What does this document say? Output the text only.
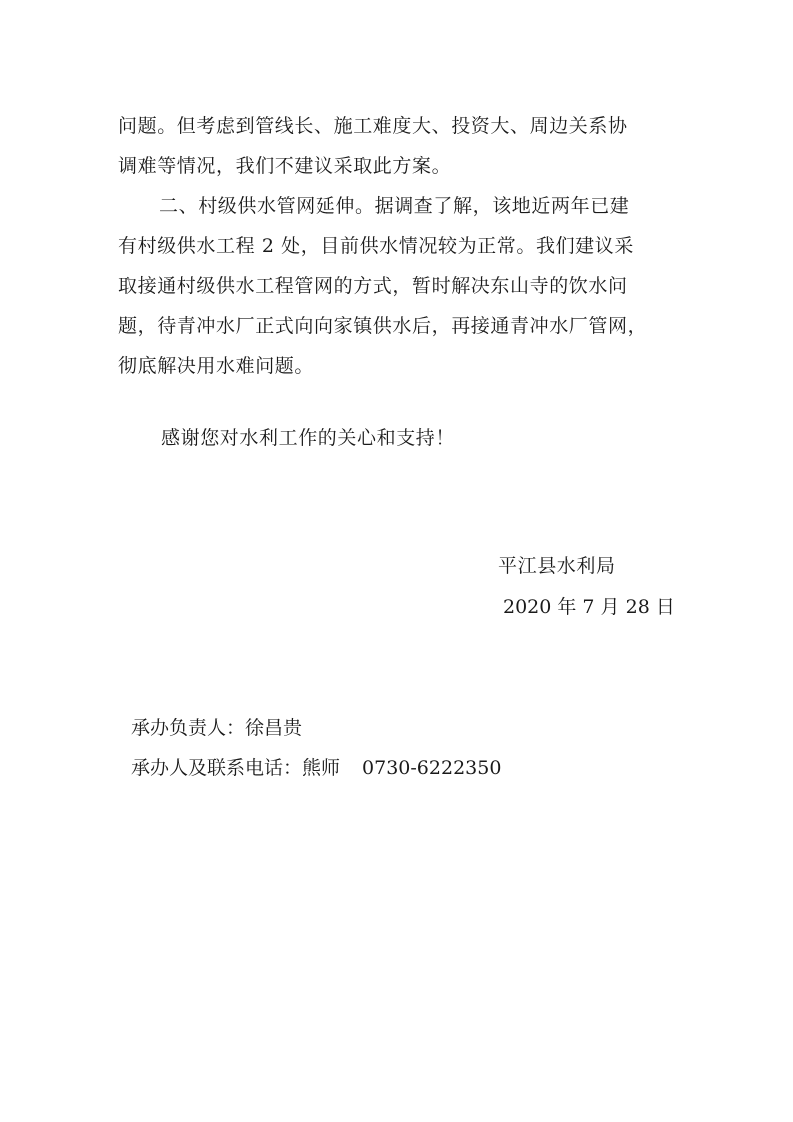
问题。但考虑到管线长、施工难度大、投资大、周边关系协
调难等情况，我们不建议采取此方案。
二、村级供水管网延伸。据调查了解，该地近两年已建
有村级供水工程 2 处，目前供水情况较为正常。我们建议采
取接通村级供水工程管网的方式，暂时解决东山寺的饮水问
题，待青冲水厂正式向向家镇供水后，再接通青冲水厂管网，
彻底解决用水难问题。
感谢您对水利工作的关心和支持！
平江县水利局
2020 年 7 月 28 日
承办负责人：徐昌贵
承办人及联系电话：熊师 0730-6222350
